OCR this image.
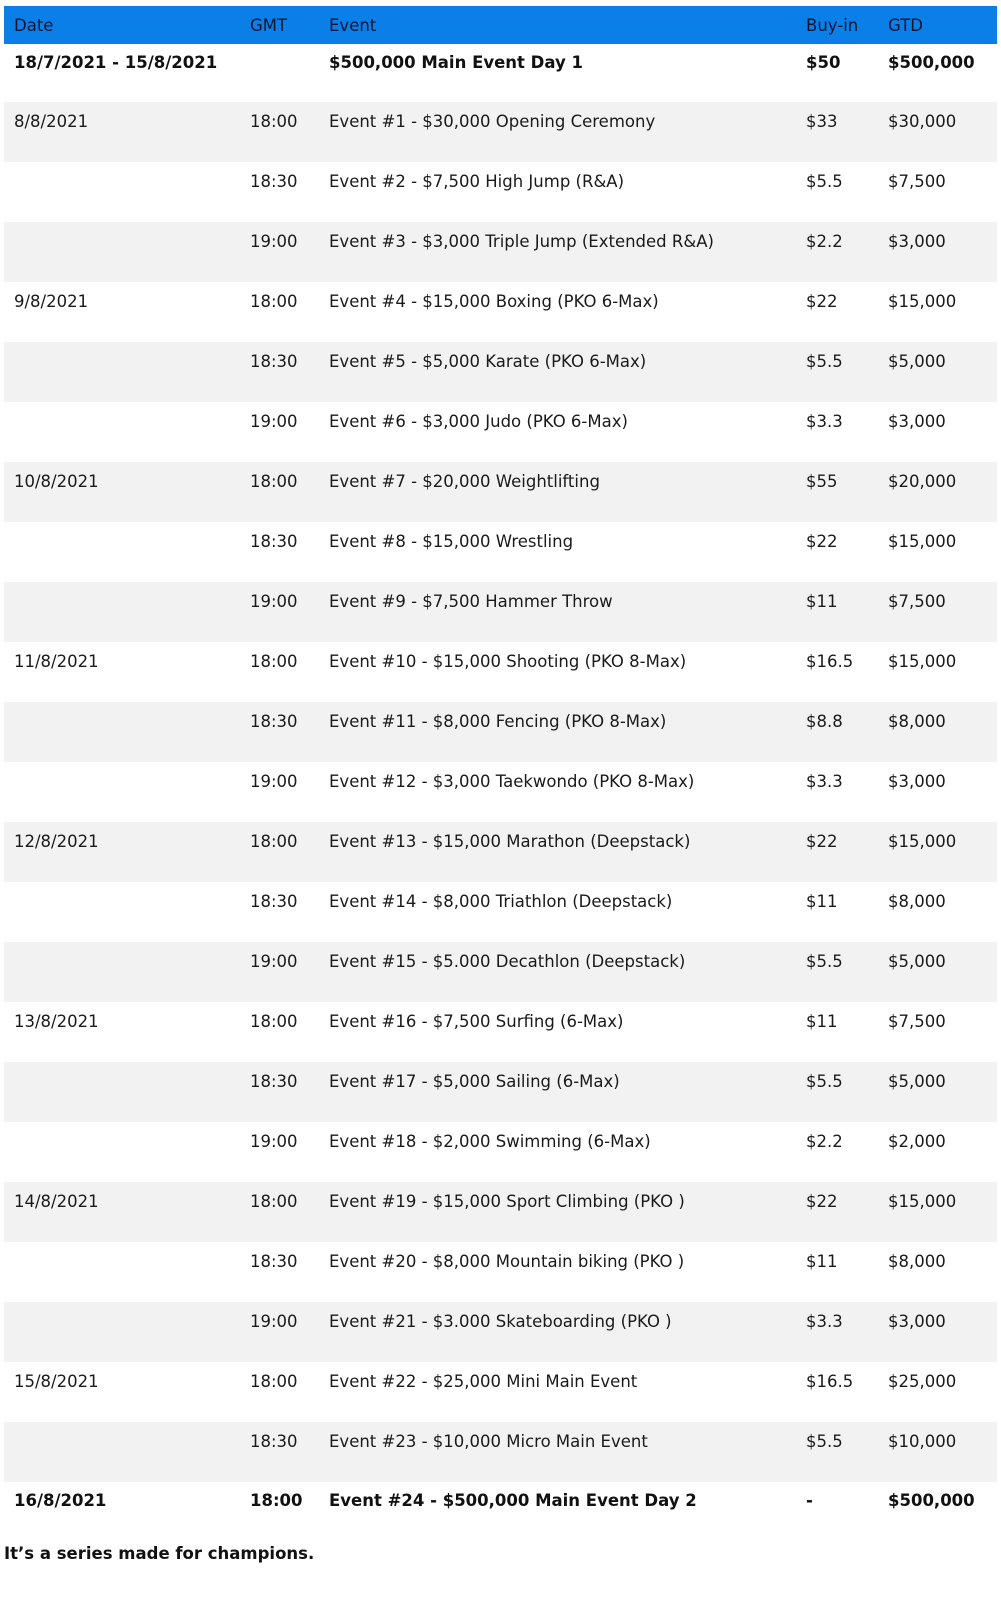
Date	GMT	Event	Buy-in	GTD
18/7/2021 - 15/8/2021		$500,000 Main Event Day 1	$50	$500,000
8/8/2021	18:00	Event #1 - $30,000 Opening Ceremony	$33	$30,000
	18:30	Event #2 - $7,500 High Jump (R&A)	$5.5	$7,500
	19:00	Event #3 - $3,000 Triple Jump (Extended R&A)	$2.2	$3,000
9/8/2021	18:00	Event #4 - $15,000 Boxing (PKO 6-Max)	$22	$15,000
	18:30	Event #5 - $5,000 Karate (PKO 6-Max)	$5.5	$5,000
	19:00	Event #6 - $3,000 Judo (PKO 6-Max)	$3.3	$3,000
10/8/2021	18:00	Event #7 - $20,000 Weightlifting	$55	$20,000
	18:30	Event #8 - $15,000 Wrestling	$22	$15,000
	19:00	Event #9 - $7,500 Hammer Throw	$11	$7,500
11/8/2021	18:00	Event #10 - $15,000 Shooting (PKO 8-Max)	$16.5	$15,000
	18:30	Event #11 - $8,000 Fencing (PKO 8-Max)	$8.8	$8,000
	19:00	Event #12 - $3,000 Taekwondo (PKO 8-Max)	$3.3	$3,000
12/8/2021	18:00	Event #13 - $15,000 Marathon (Deepstack)	$22	$15,000
	18:30	Event #14 - $8,000 Triathlon (Deepstack)	$11	$8,000
	19:00	Event #15 - $5.000 Decathlon (Deepstack)	$5.5	$5,000
13/8/2021	18:00	Event #16 - $7,500 Surfing (6-Max)	$11	$7,500
	18:30	Event #17 - $5,000 Sailing (6-Max)	$5.5	$5,000
	19:00	Event #18 - $2,000 Swimming (6-Max)	$2.2	$2,000
14/8/2021	18:00	Event #19 - $15,000 Sport Climbing (PKO )	$22	$15,000
	18:30	Event #20 - $8,000 Mountain biking (PKO )	$11	$8,000
	19:00	Event #21 - $3.000 Skateboarding (PKO )	$3.3	$3,000
15/8/2021	18:00	Event #22 - $25,000 Mini Main Event	$16.5	$25,000
	18:30	Event #23 - $10,000 Micro Main Event	$5.5	$10,000
16/8/2021	18:00	Event #24 - $500,000 Main Event Day 2	-	$500,000
It’s a series made for champions.
